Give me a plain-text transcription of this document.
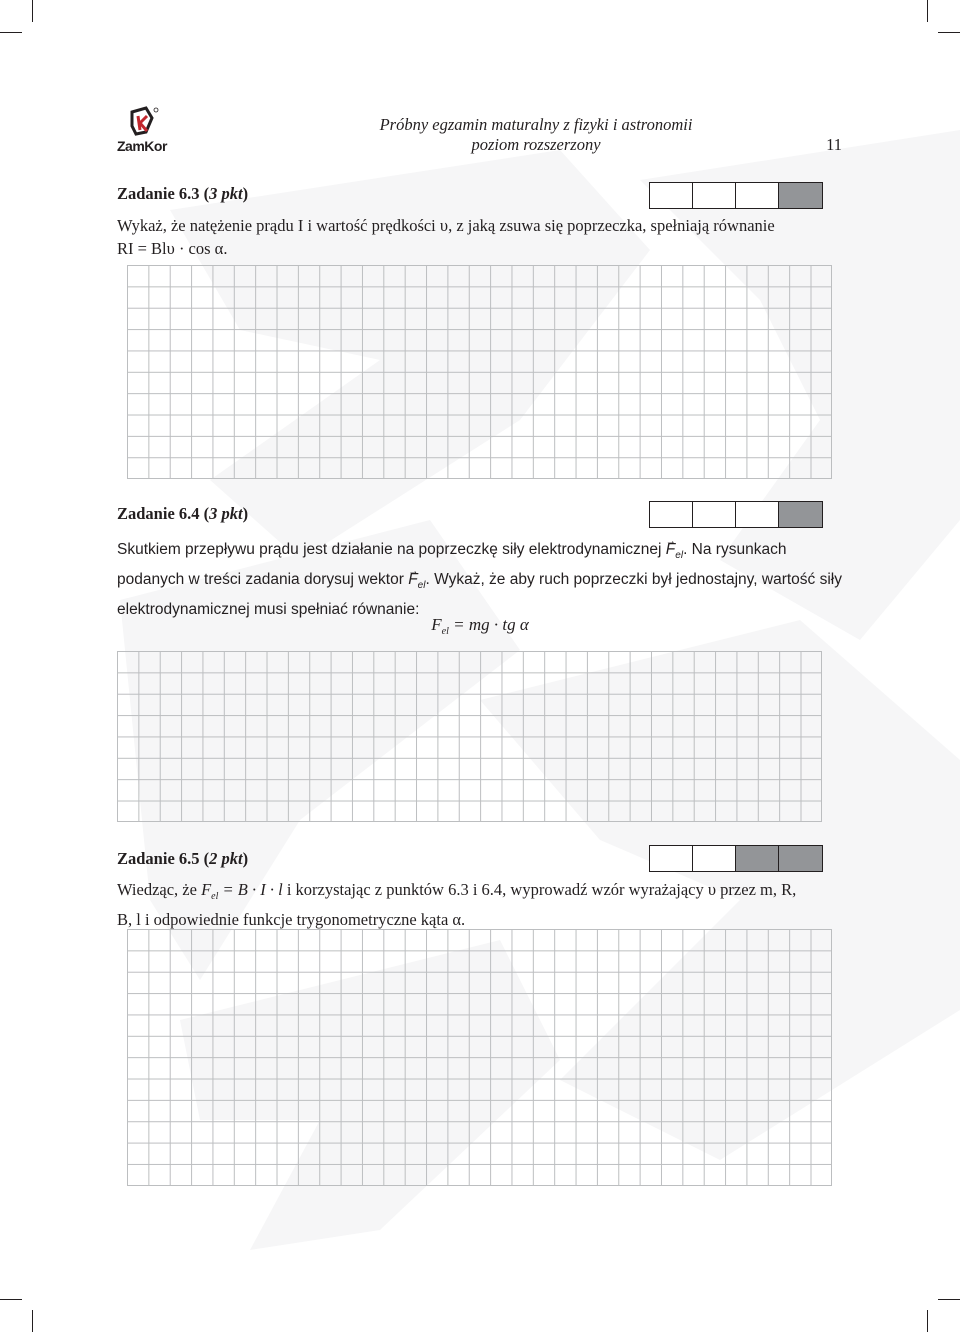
ZamKor
Próbny egzamin maturalny z fizyki i astronomii
poziom rozszerzony	11
Zadanie 6.3 (3 pkt)
Wykaż, że natężenie prądu I i wartość prędkości υ, z jaką zsuwa się poprzeczka, spełniają równanie
RI = Blυ · cos α.
Zadanie 6.4 (3 pkt)
Skutkiem przepływu prądu jest działanie na poprzeczkę siły elektrodynamicznej → $F_{el}$. Na rysunkach podanych w treści zadania dorysuj wektor → $F_{el}$. Wykaż, że aby ruch poprzeczki był jednostajny, wartość siły elektrodynamicznej musi spełniać równanie:
$F_{el}$ = mg · tg α
Zadanie 6.5 (2 pkt)
Wiedząc, że $F_{el} = B \cdot I \cdot l$ i korzystając z punktów 6.3 i 6.4, wyprowadź wzór wyrażający υ przez m, R,
B, l i odpowiednie funkcje trygonometryczne kąta α.
